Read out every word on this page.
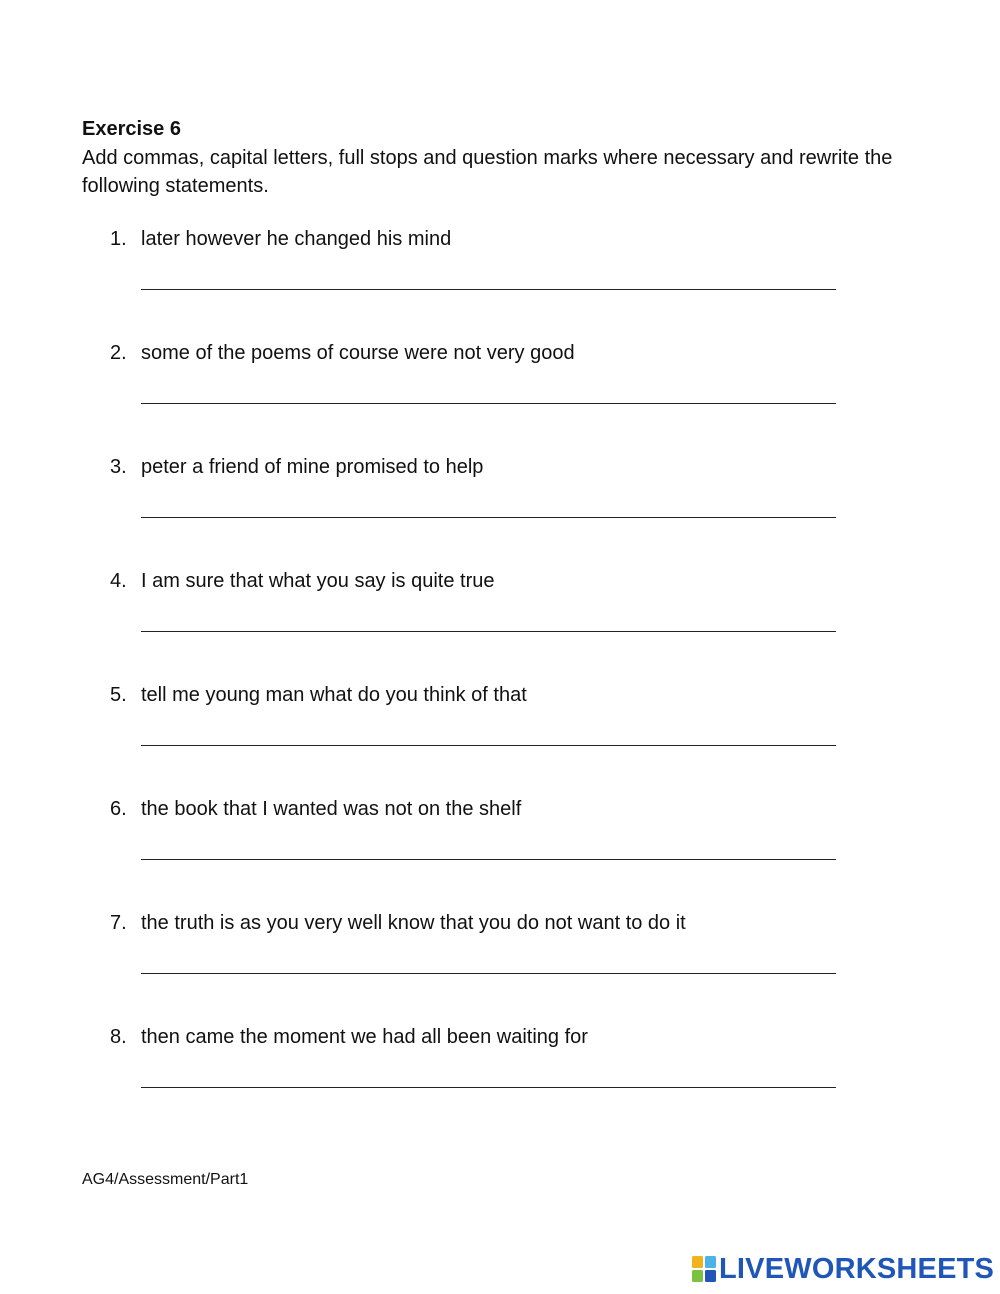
Exercise 6
Add commas, capital letters, full stops and question marks where necessary and rewrite the following statements.
1. later however he changed his mind
2. some of the poems of course were not very good
3. peter a friend of mine promised to help
4. I am sure that what you say is quite true
5. tell me young man what do you think of that
6. the book that I wanted was not on the shelf
7. the truth is as you very well know that you do not want to do it
8. then came the moment we had all been waiting for
AG4/Assessment/Part1
LIVEWORKSHEETS
